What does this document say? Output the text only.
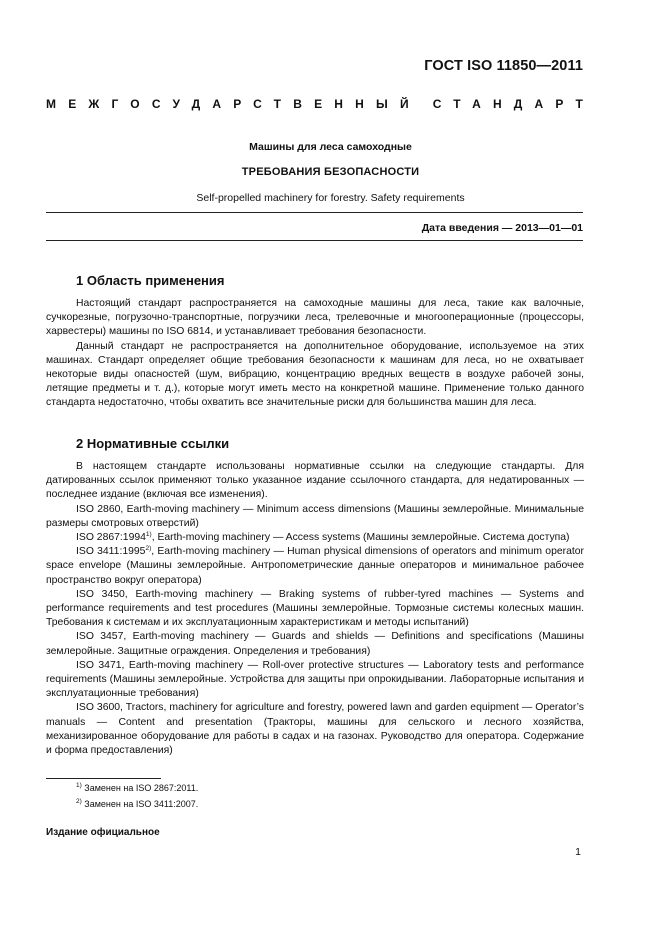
ГОСТ ISO 11850—2011
МЕЖГОСУДАРСТВЕННЫЙ СТАНДАРТ
Машины для леса самоходные
ТРЕБОВАНИЯ БЕЗОПАСНОСТИ
Self-propelled machinery for forestry. Safety requirements
Дата введения — 2013—01—01
1 Область применения

Настоящий стандарт распространяется на самоходные машины для леса, такие как валочные, сучкорезные, погрузочно-транспортные, погрузчики леса, трелевочные и многооперационные (процессоры, харвестеры) машины по ISO 6814, и устанавливает требования безопасности.

Данный стандарт не распространяется на дополнительное оборудование, используемое на этих машинах. Стандарт определяет общие требования безопасности к машинам для леса, но не охватывает некоторые виды опасностей (шум, вибрацию, концентрацию вредных веществ в воздухе рабочей зоны, летящие предметы и т. д.), которые могут иметь место на конкретной машине. Применение только данного стандарта недостаточно, чтобы охватить все значительные риски для большинства машин для леса.

2 Нормативные ссылки

В настоящем стандарте использованы нормативные ссылки на следующие стандарты. Для датированных ссылок применяют только указанное издание ссылочного стандарта, для недатированных — последнее издание (включая все изменения).

ISO 2860, Earth-moving machinery — Minimum access dimensions (Машины землеройные. Минимальные размеры смотровых отверстий)

ISO 2867:1994$^{1)}$, Earth-moving machinery — Access systems (Машины землеройные. Система доступа)

ISO 3411:1995$^{2)}$, Earth-moving machinery — Human physical dimensions of operators and minimum operator space envelope (Машины землеройные. Антропометрические данные операторов и минимальное рабочее пространство вокруг оператора)

ISO 3450, Earth-moving machinery — Braking systems of rubber-tyred machines — Systems and performance requirements and test procedures (Машины землеройные. Тормозные системы колесных машин. Требования к системам и их эксплуатационным характеристикам и методы испытаний)

ISO 3457, Earth-moving machinery — Guards and shields — Definitions and specifications (Машины землеройные. Защитные ограждения. Определения и требования)

ISO 3471, Earth-moving machinery — Roll-over protective structures — Laboratory tests and performance requirements (Машины землеройные. Устройства для защиты при опрокидывании. Лабораторные испытания и эксплуатационные требования)

ISO 3600, Tractors, machinery for agriculture and forestry, powered lawn and garden equipment — Operator’s manuals — Content and presentation (Тракторы, машины для сельского и лесного хозяйства, механизированное оборудование для работы в садах и на газонах. Руководство для оператора. Содержание и форма предоставления)

$^{1)}$ Заменен на ISO 2867:2011.
$^{2)}$ Заменен на ISO 3411:2007.
Издание официальное
1
